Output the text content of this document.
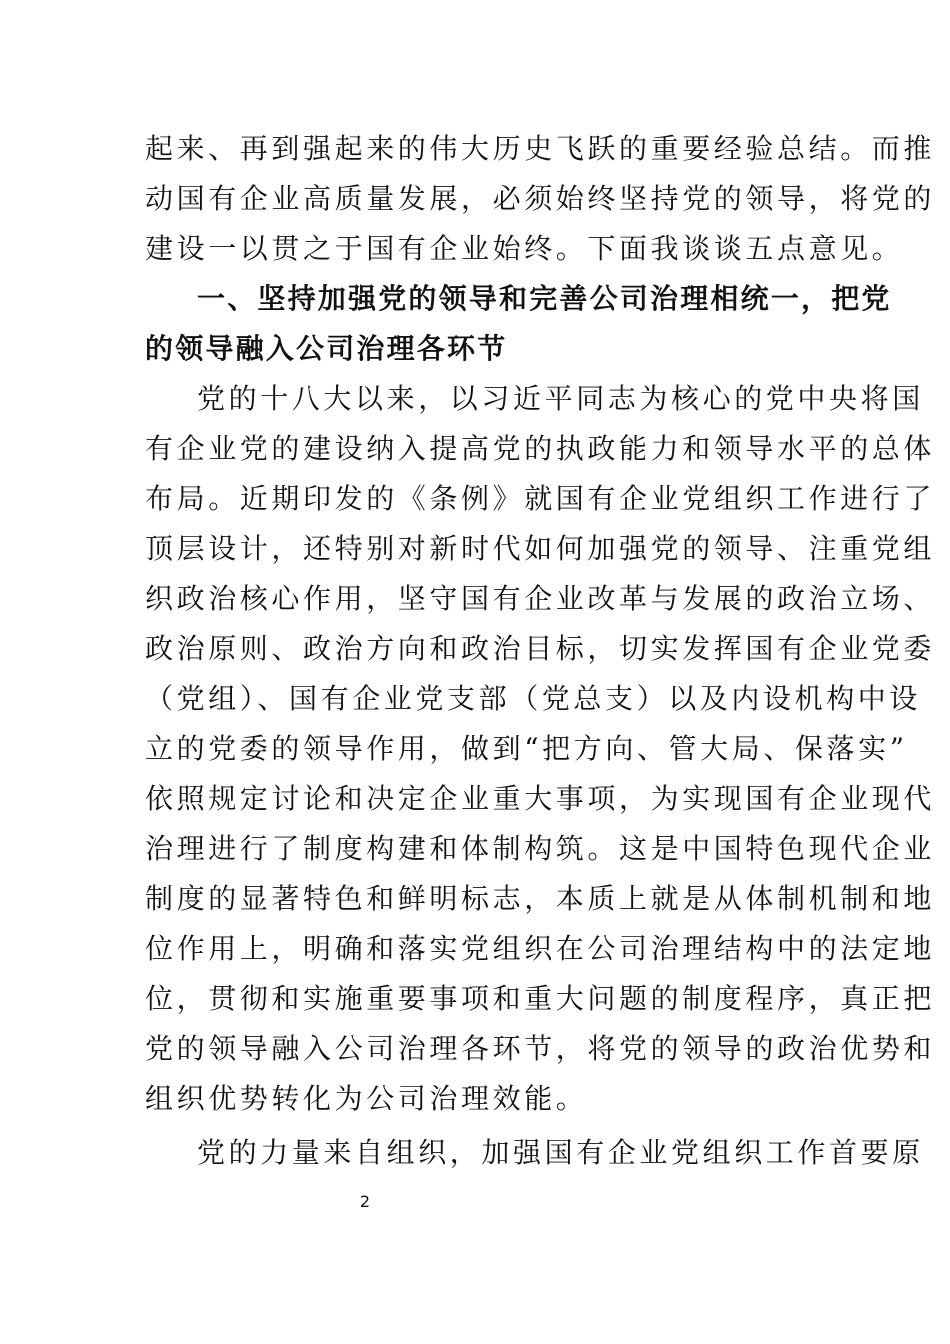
起来、再到强起来的伟大历史飞跃的重要经验总结。而推
动国有企业高质量发展，必须始终坚持党的领导，将党的
建设一以贯之于国有企业始终。下面我谈谈五点意见。
一、坚持加强党的领导和完善公司治理相统一，把党
的领导融入公司治理各环节
党的十八大以来，以习近平同志为核心的党中央将国
有企业党的建设纳入提高党的执政能力和领导水平的总体
布局。近期印发的《条例》就国有企业党组织工作进行了
顶层设计，还特别对新时代如何加强党的领导、注重党组
织政治核心作用，坚守国有企业改革与发展的政治立场、
政治原则、政治方向和政治目标，切实发挥国有企业党委
（党组）、国有企业党支部（党总支）以及内设机构中设
立的党委的领导作用，做到“把方向、管大局、保落实”
依照规定讨论和决定企业重大事项，为实现国有企业现代
治理进行了制度构建和体制构筑。这是中国特色现代企业
制度的显著特色和鲜明标志，本质上就是从体制机制和地
位作用上，明确和落实党组织在公司治理结构中的法定地
位，贯彻和实施重要事项和重大问题的制度程序，真正把
党的领导融入公司治理各环节，将党的领导的政治优势和
组织优势转化为公司治理效能。
党的力量来自组织，加强国有企业党组织工作首要原
2
